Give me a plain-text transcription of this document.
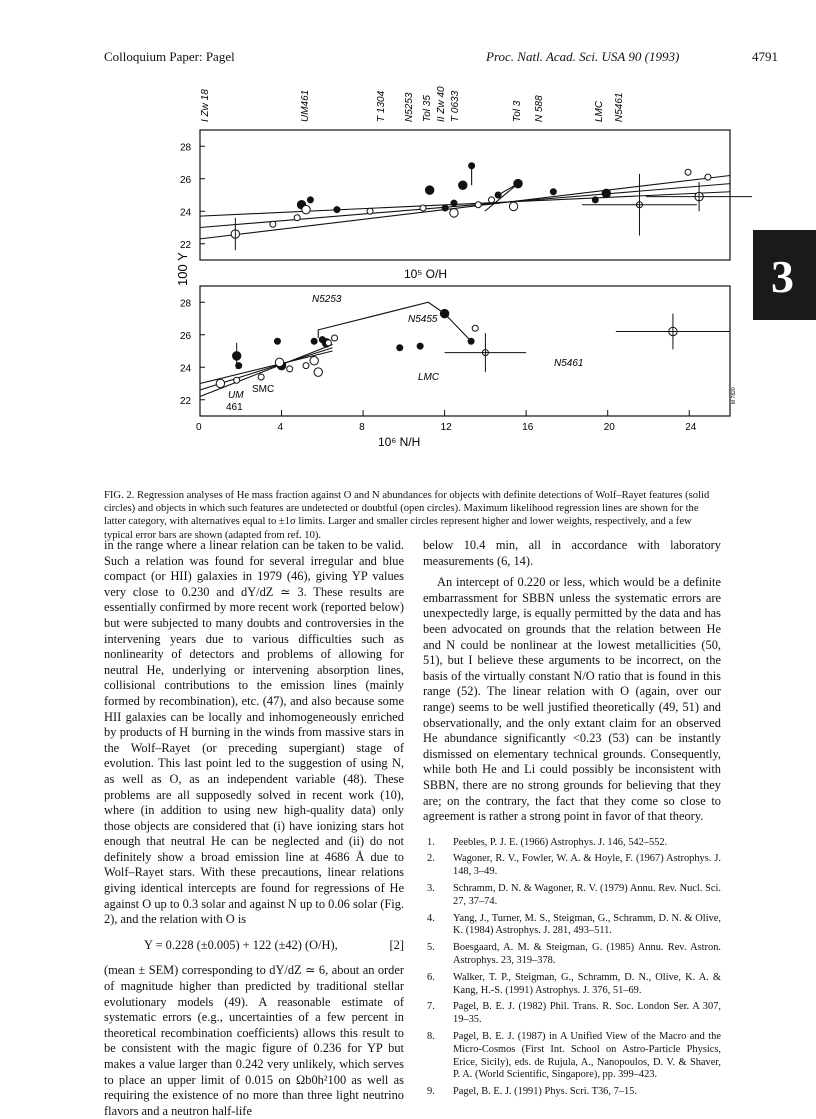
Colloquium Paper: Pagel	Proc. Natl. Acad. Sci. USA 90 (1993)	4791
3
I Zw 18	UM461	T 1304 N5253 Tol 35 II Zw 40 T 0633	Tol 3 N 588	LMC N5461
28
26
24
22
10⁵ O/H
100 Y
28
26
24
22
0	4	8	12	16	20	24
10⁶ N/H
N5253
N5455
LMC
N5461
SMC
UM
461
M 7820
FIG. 2. Regression analyses of He mass fraction against O and N abundances for objects with definite detections of Wolf–Rayet features (solid circles) and objects in which such features are undetected or doubtful (open circles). Maximum likelihood regression lines are shown for the latter category, with alternatives equal to ±1σ limits. Larger and smaller circles represent higher and lower weights, respectively, and a few typical error bars are shown (adapted from ref. 10).

in the range where a linear relation can be taken to be valid. Such a relation was found for several irregular and blue compact (or HII) galaxies in 1979 (46), giving YP values very close to 0.230 and dY/dZ ≃ 3. These results are essentially confirmed by more recent work (reported below) but were subjected to many doubts and controversies in the intervening years due to various difficulties such as nonlinearity of detectors and problems of allowing for neutral He, underlying or intervening absorption lines, collisional contributions to the emission lines (mainly formed by recombination), etc. (47), and also because some HII galaxies can be locally and inhomogeneously enriched by products of H burning in the winds from massive stars in the Wolf–Rayet (or preceding supergiant) stage of evolution. This last point led to the suggestion of using N, as well as O, as an independent variable (48). These problems are all supposedly solved in recent work (10), where (in addition to using new high-quality data) only those objects are considered that (i) have ionizing stars hot enough that neutral He can be neglected and (ii) do not definitely show a broad emission line at 4686 Å due to Wolf–Rayet stars. With these precautions, linear relations giving identical intercepts are found for regressions of He against O up to 0.3 solar and against N up to 0.06 solar (Fig. 2), and the relation with O is

Y = 0.228 (±0.005) + 122 (±42) (O/H),	[2]

(mean ± SEM) corresponding to dY/dZ ≃ 6, about an order of magnitude higher than predicted by traditional stellar evolutionary models (49). A reasonable estimate of systematic errors (e.g., uncertainties of a few percent in theoretical recombination coefficients) allows this result to be consistent with the magic figure of 0.236 for YP but makes a value larger than 0.242 very unlikely, which serves to place an upper limit of 0.015 on Ωb0h²100 as well as requiring the existence of no more than three light neutrino flavors and a neutron half-life

below 10.4 min, all in accordance with laboratory measurements (6, 14).

An intercept of 0.220 or less, which would be a definite embarrassment for SBBN unless the systematic errors are unexpectedly large, is equally permitted by the data and has been advocated on grounds that the relation between He and N could be nonlinear at the lowest metallicities (50, 51), but I believe these arguments to be incorrect, on the basis of the virtually constant N/O ratio that is found in this range (52). The linear relation with O (again, over our range) seems to be well justified theoretically (49, 51) and observationally, and the only extant claim for an observed He abundance significantly <0.23 (53) can be instantly dismissed on elementary technical grounds. Consequently, while both He and Li could possibly be inconsistent with SBBN, there are no strong grounds for believing that they are; on the contrary, the fact that they come so close to agreement is rather a strong point in favor of that theory.

1. Peebles, P. J. E. (1966) Astrophys. J. 146, 542–552.
2. Wagoner, R. V., Fowler, W. A. & Hoyle, F. (1967) Astrophys. J. 148, 3–49.
3. Schramm, D. N. & Wagoner, R. V. (1979) Annu. Rev. Nucl. Sci. 27, 37–74.
4. Yang, J., Turner, M. S., Steigman, G., Schramm, D. N. & Olive, K. (1984) Astrophys. J. 281, 493–511.
5. Boesgaard, A. M. & Steigman, G. (1985) Annu. Rev. Astron. Astrophys. 23, 319–378.
6. Walker, T. P., Steigman, G., Schramm, D. N., Olive, K. A. & Kang, H.-S. (1991) Astrophys. J. 376, 51–69.
7. Pagel, B. E. J. (1982) Phil. Trans. R. Soc. London Ser. A 307, 19–35.
8. Pagel, B. E. J. (1987) in A Unified View of the Macro and the Micro-Cosmos (First Int. School on Astro-Particle Physics, Erice, Sicily), eds. de Rujula, A., Nanopoulos, D. V. & Shaver, P. A. (World Scientific, Singapore), pp. 399–423.
9. Pagel, B. E. J. (1991) Phys. Scri. T36, 7–15.
